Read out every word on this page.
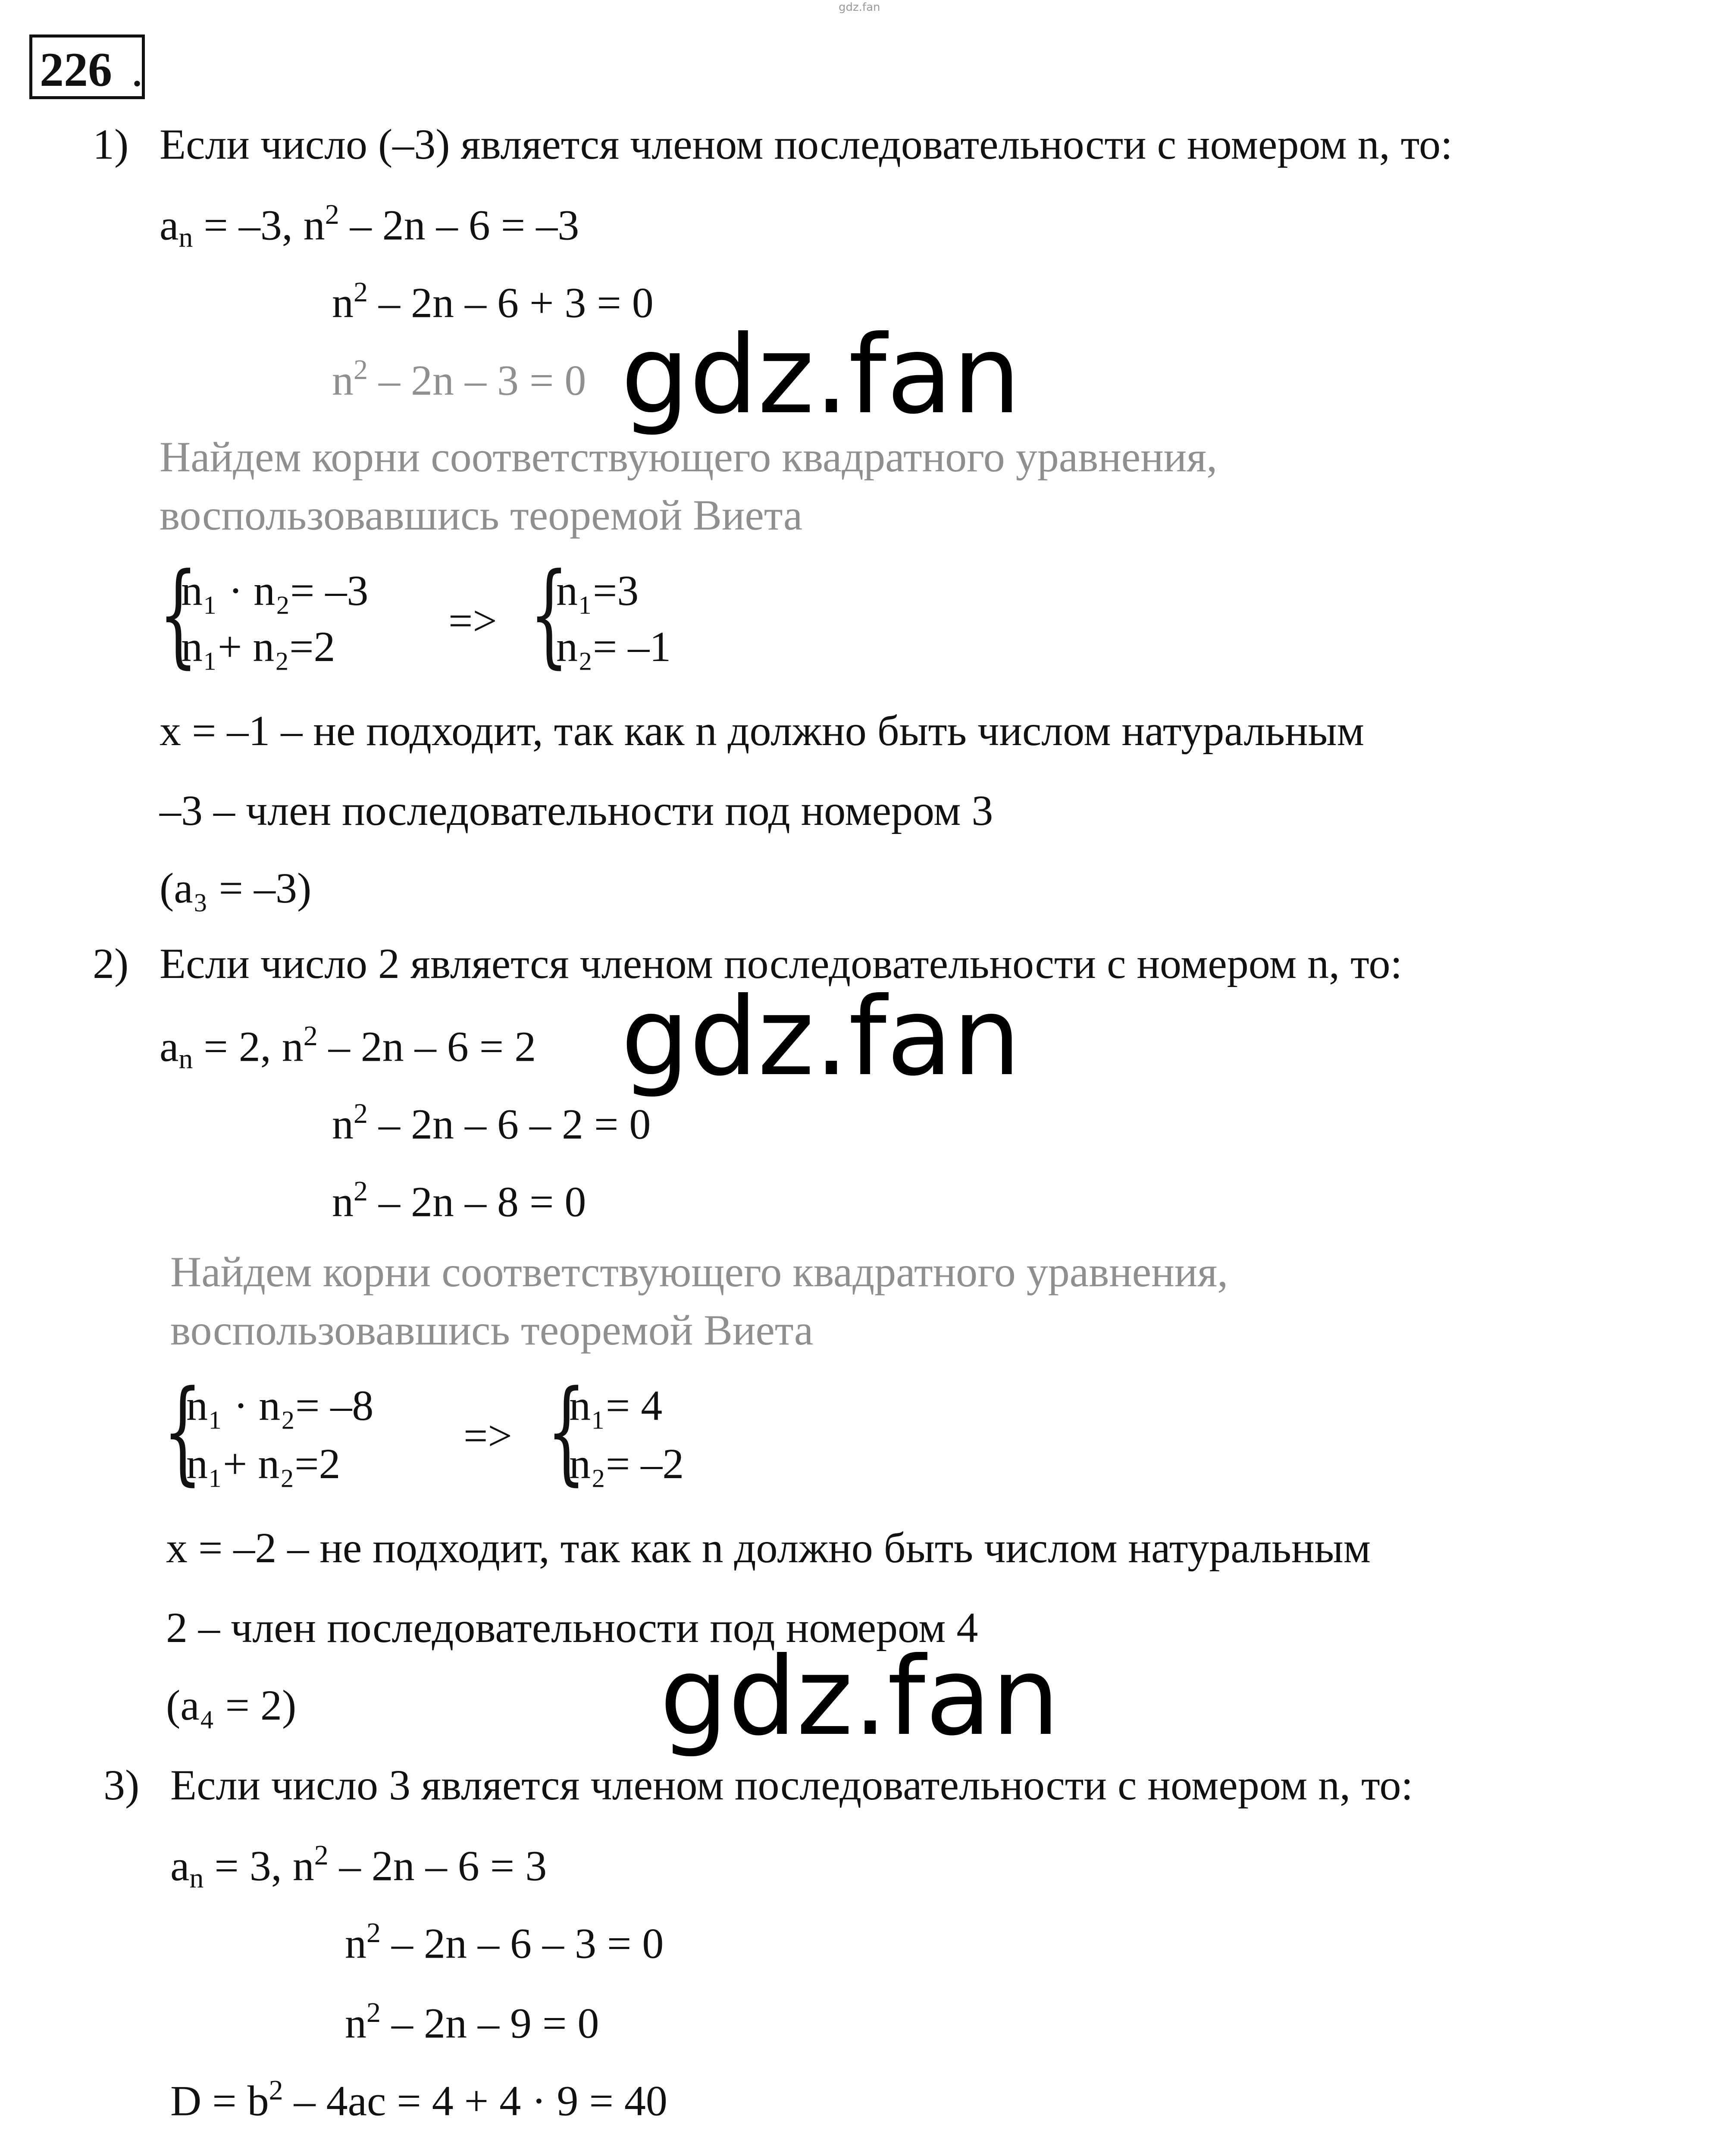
gdz.fan
226 .
1) Если число (–3) является членом последовательности с номером n, то:
$a_n = -3$, $n^2 - 2n - 6 = -3$
$n^2 - 2n - 6 + 3 = 0$
$n^2 - 2n - 3 = 0$
Найдем корни соответствующего квадратного уравнения,
воспользовавшись теоремой Виета
{
n₁ · n₂= –3
n₁+ n₂=2
=> {
n₁=3
n₂= –1
x = –1 – не подходит, так как n должно быть числом натуральным
–3 – член последовательности под номером 3
(a₃ = –3)
2) Если число 2 является членом последовательности с номером n, то:
$a_n = 2$, $n^2 - 2n - 6 = 2$
$n^2 - 2n - 6 - 2 = 0$
$n^2 - 2n - 8 = 0$
Найдем корни соответствующего квадратного уравнения,
воспользовавшись теоремой Виета
{
n₁ · n₂= –8
n₁+ n₂=2
=> {
n₁= 4
n₂= –2
x = –2 – не подходит, так как n должно быть числом натуральным
2 – член последовательности под номером 4
(a₄ = 2)
3) Если число 3 является членом последовательности с номером n, то:
$a_n = 3$, $n^2 - 2n - 6 = 3$
$n^2 - 2n - 6 - 3 = 0$
$n^2 - 2n - 9 = 0$
$D = b^2 - 4ac = 4 + 4 \cdot 9 = 40$
gdz.fan
gdz.fan
gdz.fan
